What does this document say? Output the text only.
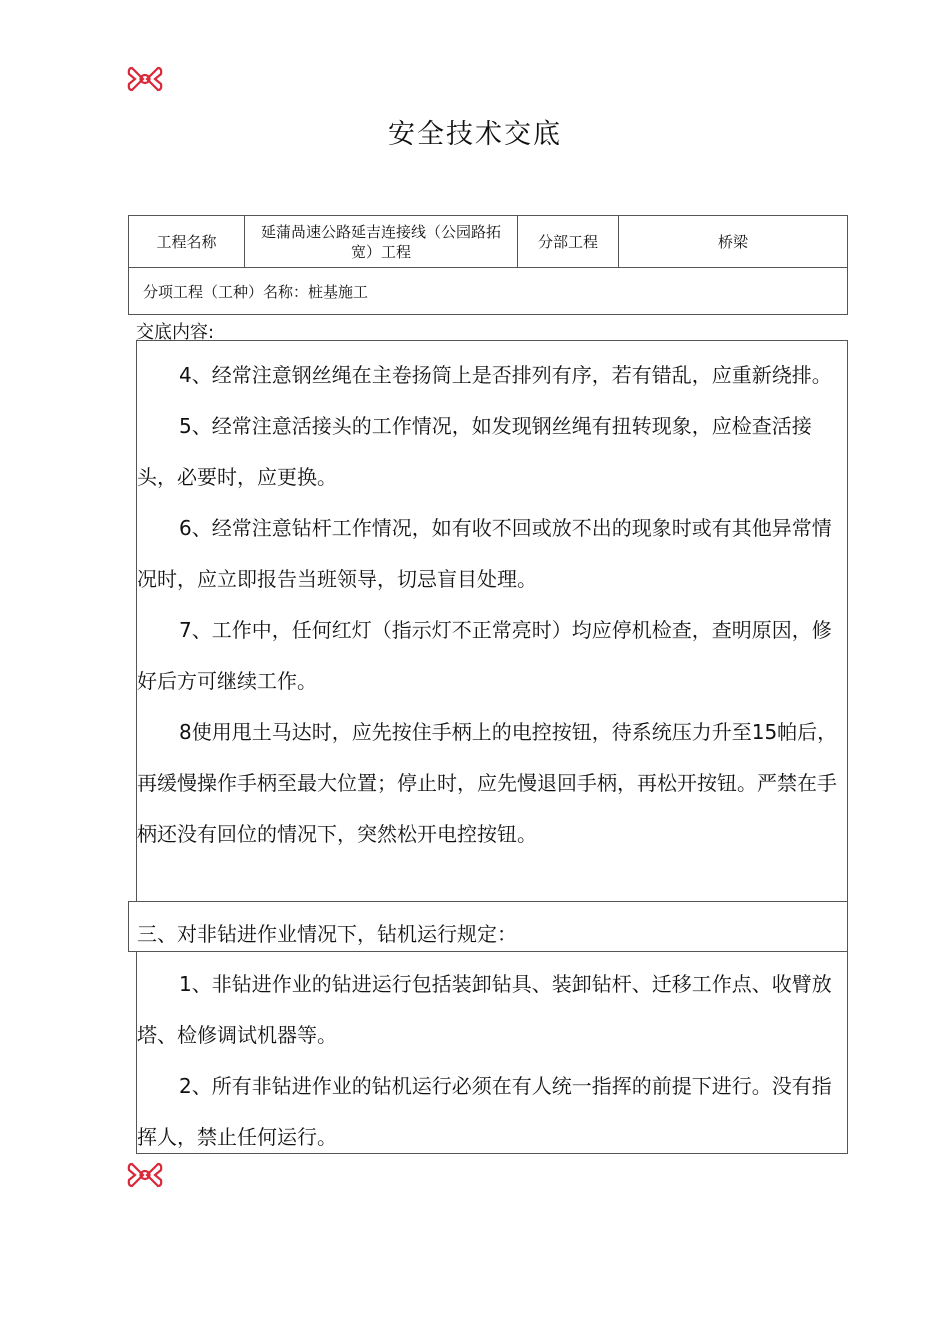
安全技术交底
工程名称
延蒲咼速公路延吉连接线（公园路拓宽）工程
分部工程	桥梁
分项工程（工种）名称：桩基施工
交底内容:

4、经常注意钢丝绳在主卷扬筒上是否排列有序，若有错乱，应重新绕排。

5、经常注意活接头的工作情况，如发现钢丝绳有扭转现象，应检查活接头，必要时，应更换。

6、经常注意钻杆工作情况，如有收不回或放不出的现象时或有其他异常情况时，应立即报告当班领导，切忌盲目处理。

7、工作中，任何红灯（指示灯不正常亮时）均应停机检查，查明原因，修好后方可继续工作。

8使用甩土马达时，应先按住手柄上的电控按钮，待系统压力升至15帕后，再缓慢操作手柄至最大位置；停止时，应先慢退回手柄，再松开按钮。严禁在手柄还没有回位的情况下，突然松开电控按钮。

三、对非钻进作业情况下，钻机运行规定：

1、非钻进作业的钻进运行包括装卸钻具、装卸钻杆、迁移工作点、收臂放塔、检修调试机器等。

2、所有非钻进作业的钻机运行必须在有人统一指挥的前提下进行。没有指挥人，禁止任何运行。
